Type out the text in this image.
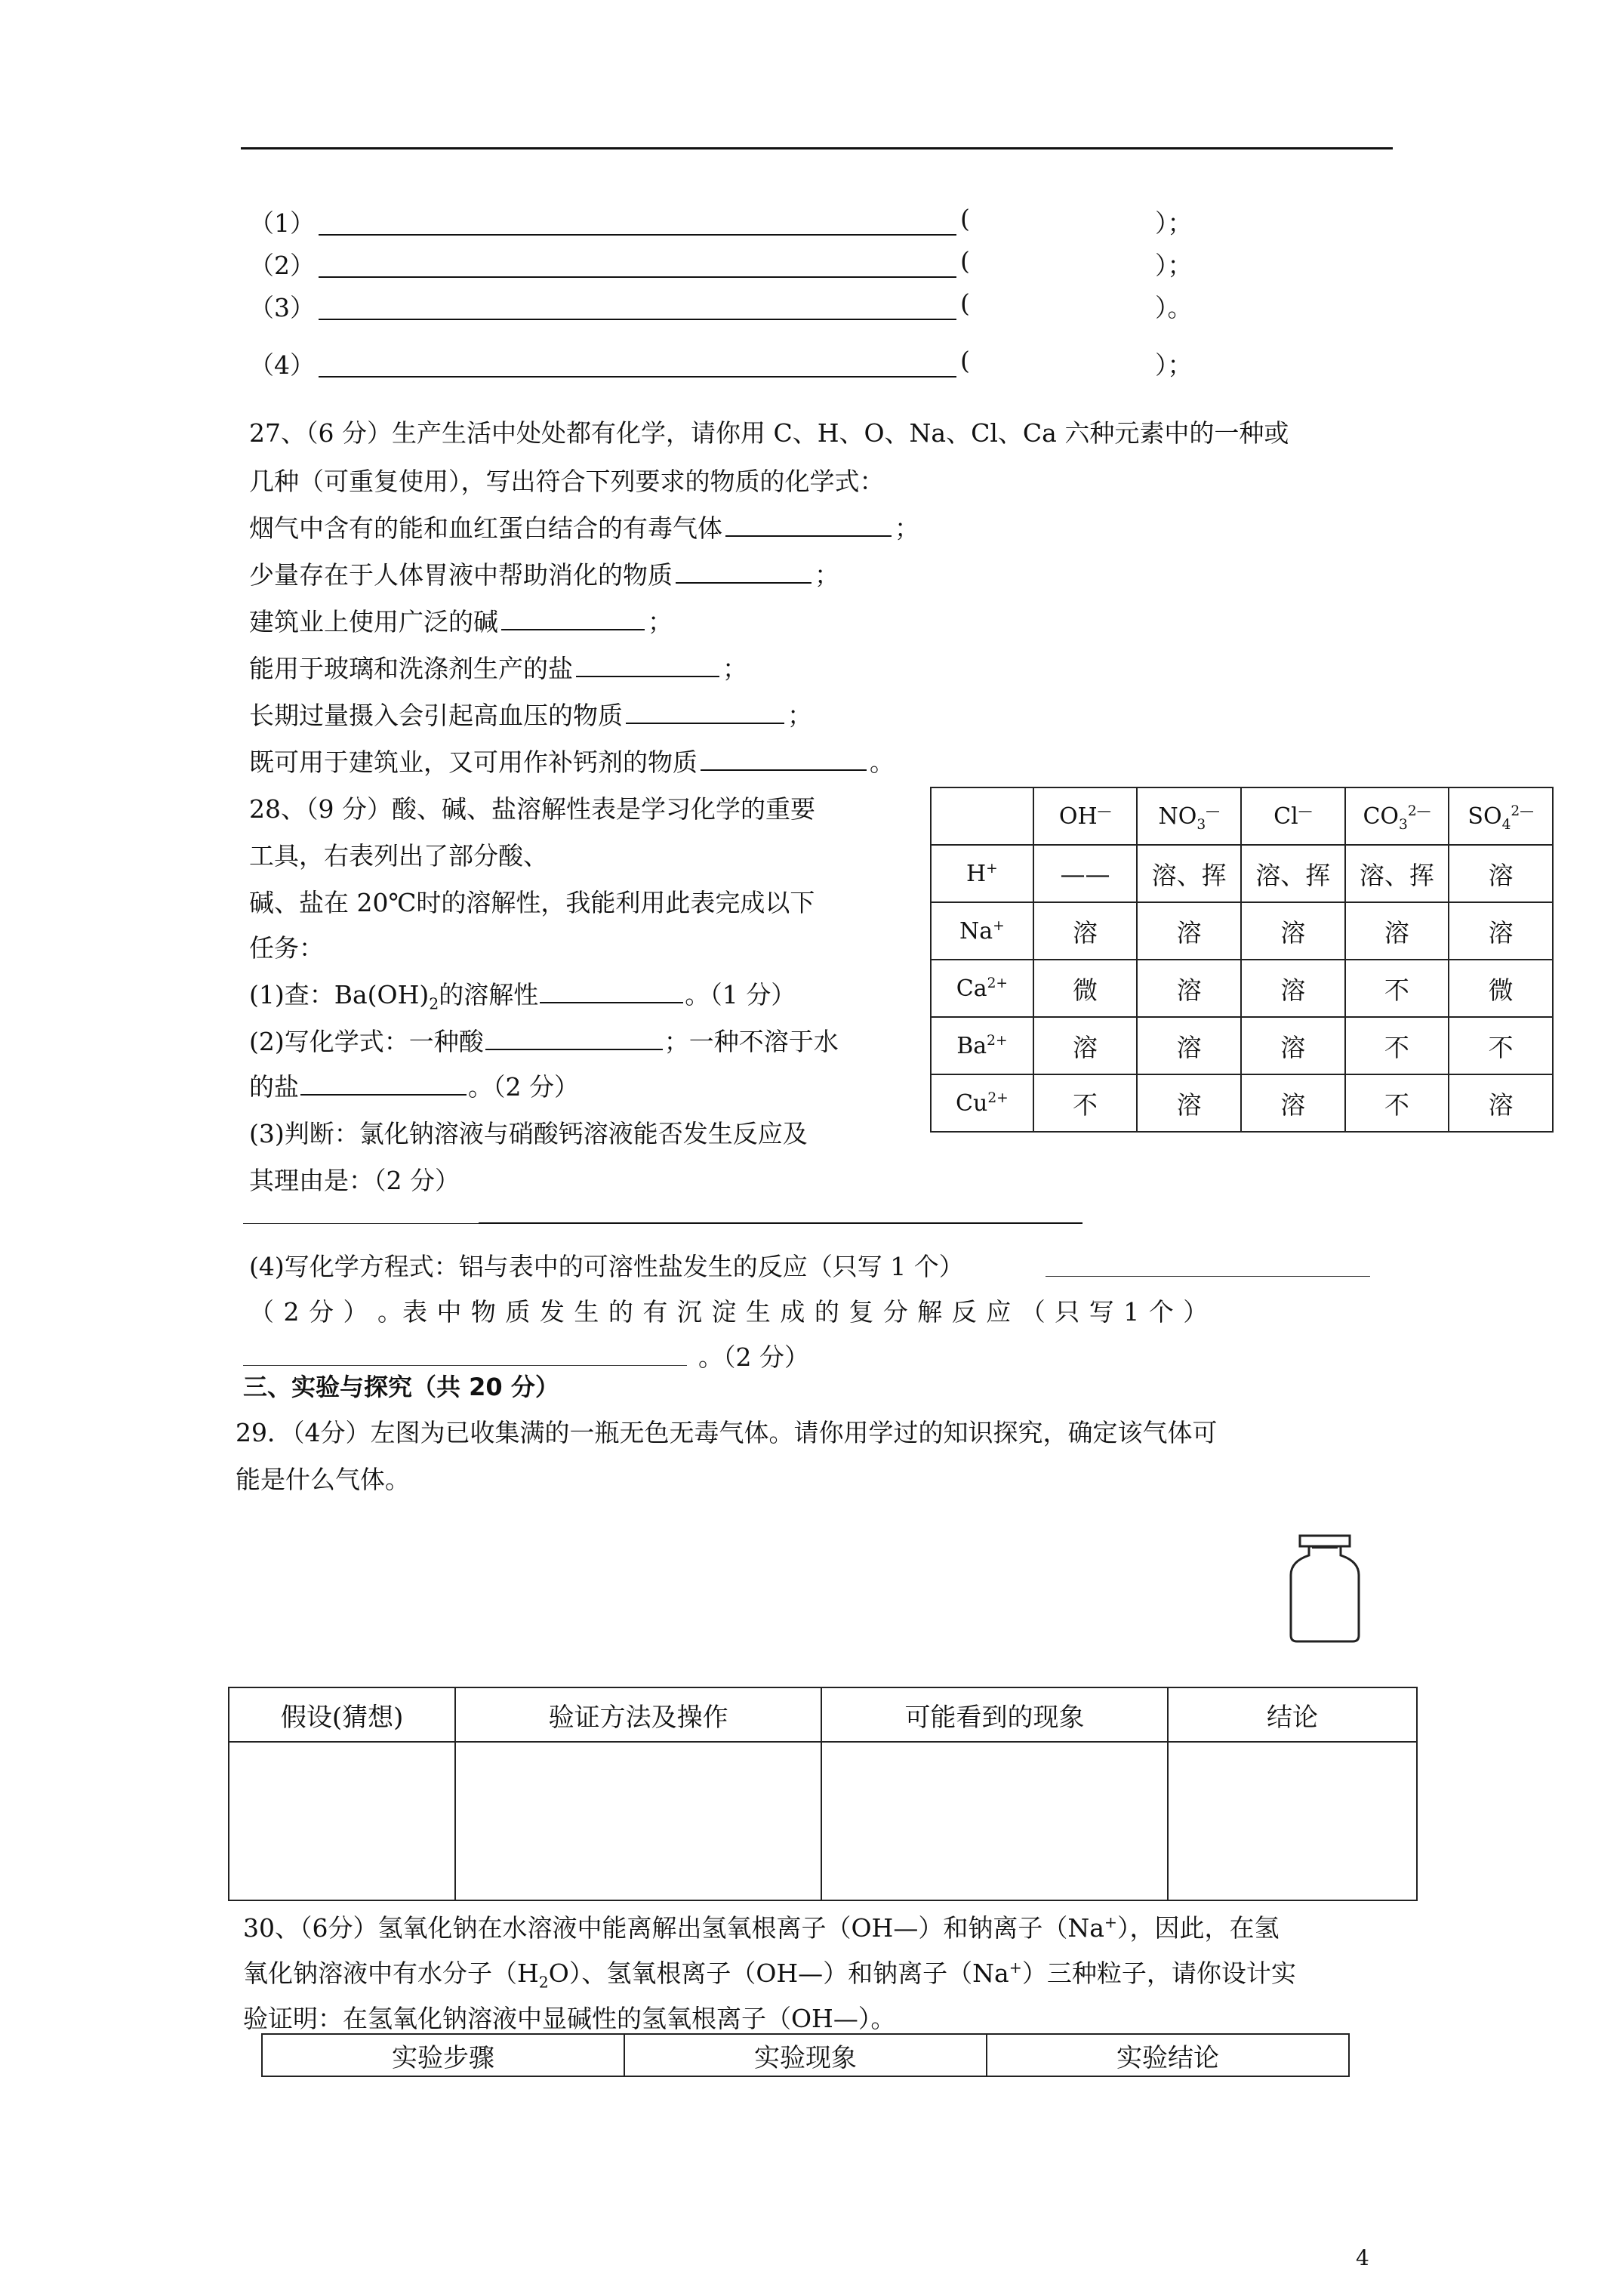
（1）	(	）；
（2）	(	）；
（3）	(	）。
（4）	(	）；
27、（6 分）生产生活中处处都有化学，请你用 C、H、O、Na、Cl、Ca 六种元素中的一种或
几种（可重复使用），写出符合下列要求的物质的化学式：
烟气中含有的能和血红蛋白结合的有毒气体	；
少量存在于人体胃液中帮助消化的物质	；
建筑业上使用广泛的碱	；
能用于玻璃和洗涤剂生产的盐	；
长期过量摄入会引起高血压的物质	；
既可用于建筑业，又可用作补钙剂的物质	。
28、（9 分）酸、碱、盐溶解性表是学习化学的重要
工具，右表列出了部分酸、
碱、盐在 20℃时的溶解性，我能利用此表完成以下
任务：
(1)查：$Ba(OH)_2$的溶解性	。（1 分）
(2)写化学式：一种酸	；一种不溶于水
的盐	。（2 分）
(3)判断：氯化钠溶液与硝酸钙溶液能否发生反应及
其理由是：（2 分）
(4)写化学方程式：铝与表中的可溶性盐发生的反应（只写 1 个）
（ 2 分 ） 。表 中 物 质 发 生 的 有 沉 淀 生 成 的 复 分 解 反 应 （ 只 写 1 个 ）
。（2 分）
	OH—	$NO_3^—$	Cl—	$CO_3^{2—}$	$SO_4^{2—}$
H+	——	溶、挥	溶、挥	溶、挥	溶
Na+	溶	溶	溶	溶	溶
$Ca^{2+}$	微	溶	溶	不	微
$Ba^{2+}$	溶	溶	溶	不	不
$Cu^{2+}$	不	溶	溶	不	溶
三、实验与探究（共 20 分）
29．（4分）左图为已收集满的一瓶无色无毒气体。请你用学过的知识探究，确定该气体可
能是什么气体。
假设(猜想)	验证方法及操作	可能看到的现象	结论

30、（6分）氢氧化钠在水溶液中能离解出氢氧根离子（OH—）和钠离子（Na+），因此，在氢
氧化钠溶液中有水分子$(H_2O)$、氢氧根离子（OH—）和钠离子（Na+）三种粒子，请你设计实
验证明：在氢氧化钠溶液中显碱性的氢氧根离子（OH—）。
实验步骤	实验现象	实验结论
4
